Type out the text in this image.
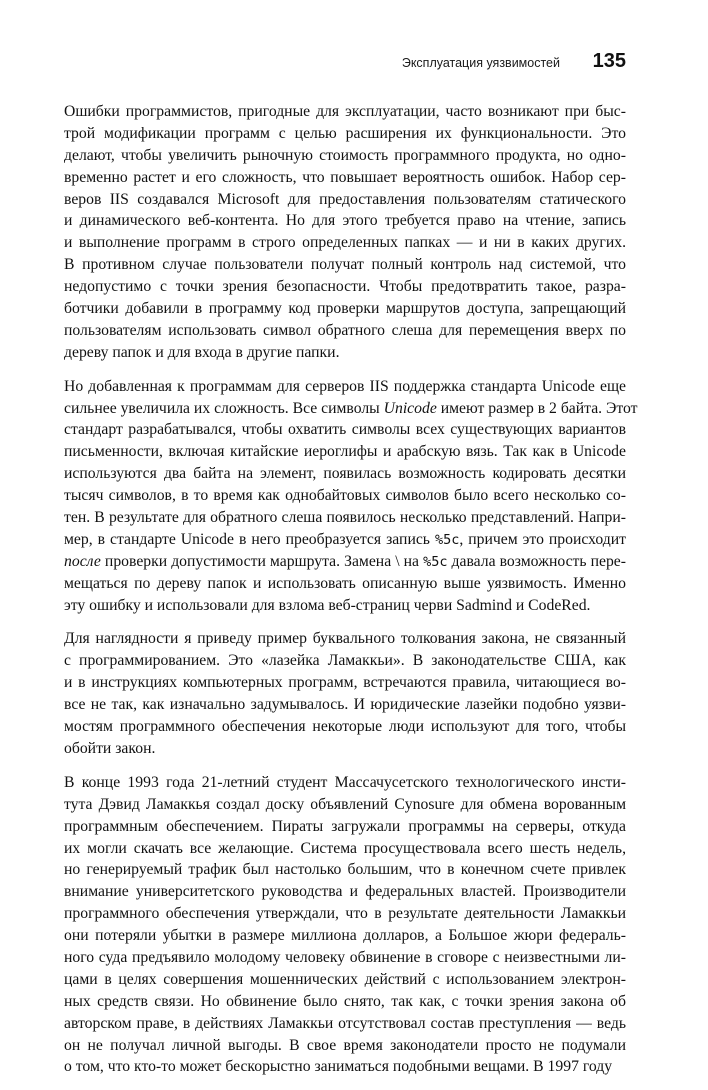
Эксплуатация уязвимостей 135

Ошибки программистов, пригодные для эксплуатации, часто возникают при быс-
трой модификации программ с целью расширения их функциональности. Это
делают, чтобы увеличить рыночную стоимость программного продукта, но одно-
временно растет и его сложность, что повышает вероятность ошибок. Набор сер-
веров IIS создавался Microsoft для предоставления пользователям статического
и динамического веб-контента. Но для этого требуется право на чтение, запись
и выполнение программ в строго определенных папках — и ни в каких других.
В противном случае пользователи получат полный контроль над системой, что
недопустимо с точки зрения безопасности. Чтобы предотвратить такое, разра-
ботчики добавили в программу код проверки маршрутов доступа, запрещающий
пользователям использовать символ обратного слеша для перемещения вверх по
дереву папок и для входа в другие папки.

Но добавленная к программам для серверов IIS поддержка стандарта Unicode еще
сильнее увеличила их сложность. Все символы Unicode имеют размер в 2 байта. Этот
стандарт разрабатывался, чтобы охватить символы всех существующих вариантов
письменности, включая китайские иероглифы и арабскую вязь. Так как в Unicode
используются два байта на элемент, появилась возможность кодировать десятки
тысяч символов, в то время как однобайтовых символов было всего несколько со-
тен. В результате для обратного слеша появилось несколько представлений. Напри-
мер, в стандарте Unicode в него преобразуется запись %5c, причем это происходит
после проверки допустимости маршрута. Замена \ на %5c давала возможность пере-
мещаться по дереву папок и использовать описанную выше уязвимость. Именно
эту ошибку и использовали для взлома веб-страниц черви Sadmind и CodeRed.

Для наглядности я приведу пример буквального толкования закона, не связанный
с программированием. Это «лазейка Ламаккьи». В законодательстве США, как
и в инструкциях компьютерных программ, встречаются правила, читающиеся во-
все не так, как изначально задумывалось. И юридические лазейки подобно уязви-
мостям программного обеспечения некоторые люди используют для того, чтобы
обойти закон.

В конце 1993 года 21-летний студент Массачусетского технологического инсти-
тута Дэвид Ламаккья создал доску объявлений Cynosure для обмена ворованным
программным обеспечением. Пираты загружали программы на серверы, откуда
их могли скачать все желающие. Система просуществовала всего шесть недель,
но генерируемый трафик был настолько большим, что в конечном счете привлек
внимание университетского руководства и федеральных властей. Производители
программного обеспечения утверждали, что в результате деятельности Ламаккьи
они потеряли убытки в размере миллиона долларов, а Большое жюри федераль-
ного суда предъявило молодому человеку обвинение в сговоре с неизвестными ли-
цами в целях совершения мошеннических действий с использованием электрон-
ных средств связи. Но обвинение было снято, так как, с точки зрения закона об
авторском праве, в действиях Ламаккьи отсутствовал состав преступления — ведь
он не получал личной выгоды. В свое время законодатели просто не подумали
о том, что кто-то может бескорыстно заниматься подобными вещами. В 1997 году
